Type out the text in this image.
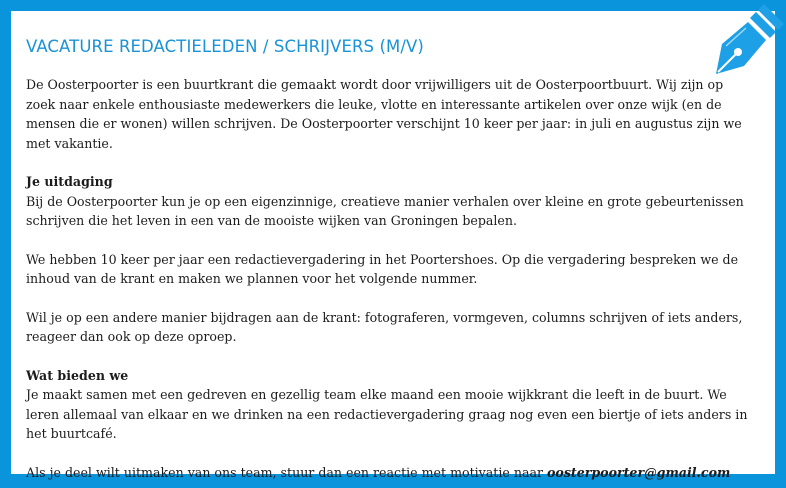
VACATURE REDACTIELEDEN / SCHRIJVERS (M/V)

De Oosterpoorter is een buurtkrant die gemaakt wordt door vrijwilligers uit de Oosterpoortbuurt. Wij zijn op zoek naar enkele enthousiaste medewerkers die leuke, vlotte en interessante artikelen over onze wijk (en de mensen die er wonen) willen schrijven. De Oosterpoorter verschijnt 10 keer per jaar: in juli en augustus zijn we met vakantie.

Je uitdaging
Bij de Oosterpoorter kun je op een eigenzinnige, creatieve manier verhalen over kleine en grote gebeurtenissen schrijven die het leven in een van de mooiste wijken van Groningen bepalen.

We hebben 10 keer per jaar een redactievergadering in het Poortershoes. Op die vergadering bespreken we de inhoud van de krant en maken we plannen voor het volgende nummer.

Wil je op een andere manier bijdragen aan de krant: fotograferen, vormgeven, columns schrijven of iets anders, reageer dan ook op deze oproep.

Wat bieden we
Je maakt samen met een gedreven en gezellig team elke maand een mooie wijkkrant die leeft in de buurt. We leren allemaal van elkaar en we drinken na een redactievergadering graag nog even een biertje of iets anders in het buurtcafé.

Als je deel wilt uitmaken van ons team, stuur dan een reactie met motivatie naar oosterpoorter@gmail.com
